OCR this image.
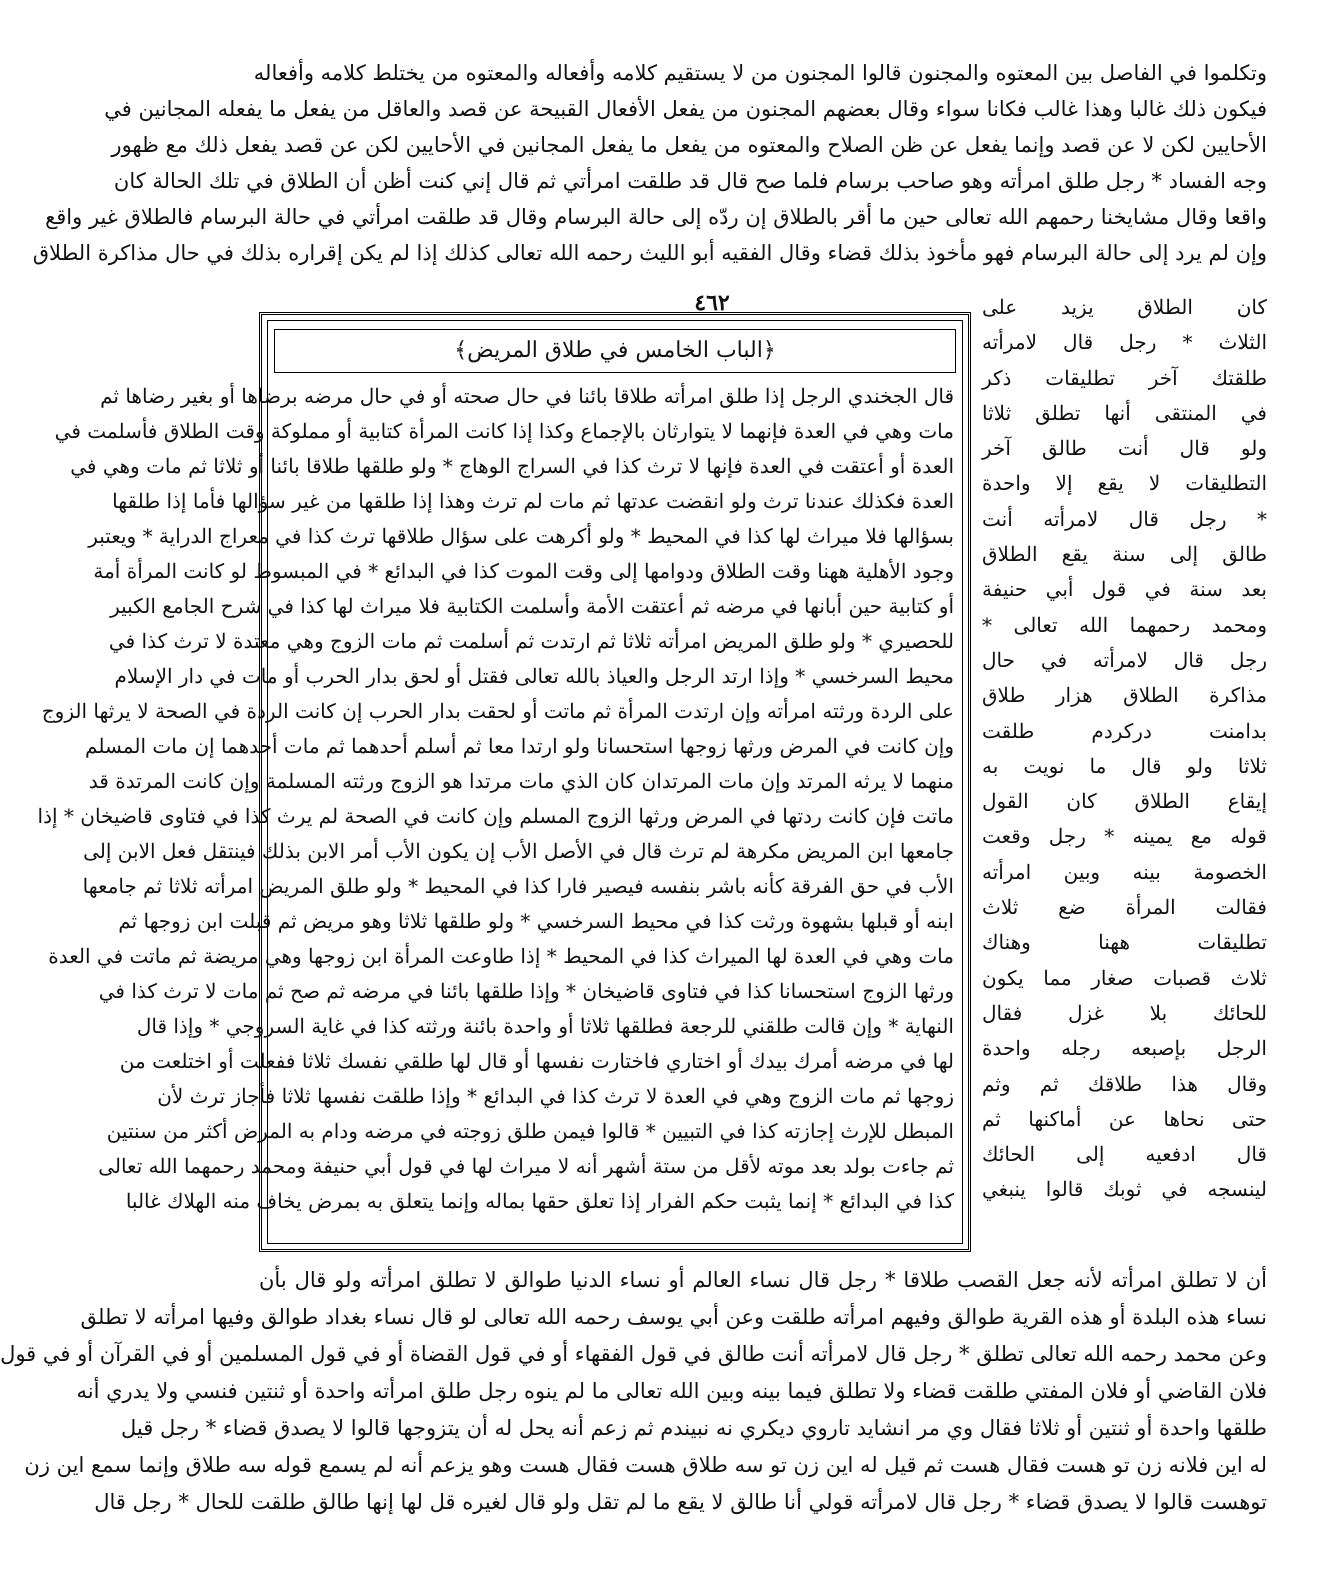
وتكلموا في الفاصل بين المعتوه والمجنون قالوا المجنون من لا يستقيم كلامه وأفعاله والمعتوه من يختلط كلامه وأفعاله
فيكون ذلك غالبا وهذا غالب فكانا سواء وقال بعضهم المجنون من يفعل الأفعال القبيحة عن قصد والعاقل من يفعل ما يفعله المجانين في
الأحايين لكن لا عن قصد وإنما يفعل عن ظن الصلاح والمعتوه من يفعل ما يفعل المجانين في الأحايين لكن عن قصد يفعل ذلك مع ظهور
وجه الفساد * رجل طلق امرأته وهو صاحب برسام فلما صح قال قد طلقت امرأتي ثم قال إني كنت أظن أن الطلاق في تلك الحالة كان
واقعا وقال مشايخنا رحمهم الله تعالى حين ما أقر بالطلاق إن ردّه إلى حالة البرسام وقال قد طلقت امرأتي في حالة البرسام فالطلاق غير واقع
وإن لم يرد إلى حالة البرسام فهو مأخوذ بذلك قضاء وقال الفقيه أبو الليث رحمه الله تعالى كذلك إذا لم يكن إقراره بذلك في حال مذاكرة الطلاق
٤٦٢	كان الطلاق يزيد على
الثلاث * رجل قال لامرأته
طلقتك آخر تطليقات ذكر
في المنتقى أنها تطلق ثلاثا
ولو قال أنت طالق آخر
التطليقات لا يقع إلا واحدة
* رجل قال لامرأته أنت
طالق إلى سنة يقع الطلاق
بعد سنة في قول أبي حنيفة
ومحمد رحمهما الله تعالى *
رجل قال لامرأته في حال
مذاكرة الطلاق هزار طلاق
بدامنت دركردم طلقت
ثلاثا ولو قال ما نويت به
إيقاع الطلاق كان القول
قوله مع يمينه * رجل وقعت
الخصومة بينه وبين امرأته
فقالت المرأة ضع ثلاث
تطليقات ههنا وهناك
ثلاث قصبات صغار مما يكون
للحائك بلا غزل فقال
الرجل بإصبعه رجله واحدة
وقال هذا طلاقك ثم وثم
حتى نحاها عن أماكنها ثم
قال ادفعيه إلى الحائك
لينسجه في ثوبك قالوا ينبغي
﴿الباب الخامس في طلاق المريض﴾
قال الجخندي الرجل إذا طلق امرأته طلاقا بائنا في حال صحته أو في حال مرضه برضاها أو بغير رضاها ثم
مات وهي في العدة فإنهما لا يتوارثان بالإجماع وكذا إذا كانت المرأة كتابية أو مملوكة وقت الطلاق فأسلمت في
العدة أو أعتقت في العدة فإنها لا ترث كذا في السراج الوهاج * ولو طلقها طلاقا بائنا أو ثلاثا ثم مات وهي في
العدة فكذلك عندنا ترث ولو انقضت عدتها ثم مات لم ترث وهذا إذا طلقها من غير سؤالها فأما إذا طلقها
بسؤالها فلا ميراث لها كذا في المحيط * ولو أكرهت على سؤال طلاقها ترث كذا في معراج الدراية * ويعتبر
وجود الأهلية ههنا وقت الطلاق ودوامها إلى وقت الموت كذا في البدائع * في المبسوط لو كانت المرأة أمة
أو كتابية حين أبانها في مرضه ثم أعتقت الأمة وأسلمت الكتابية فلا ميراث لها كذا في شرح الجامع الكبير
للحصيري * ولو طلق المريض امرأته ثلاثا ثم ارتدت ثم أسلمت ثم مات الزوج وهي معتدة لا ترث كذا في
محيط السرخسي * وإذا ارتد الرجل والعياذ بالله تعالى فقتل أو لحق بدار الحرب أو مات في دار الإسلام
على الردة ورثته امرأته وإن ارتدت المرأة ثم ماتت أو لحقت بدار الحرب إن كانت الردة في الصحة لا يرثها الزوج
وإن كانت في المرض ورثها زوجها استحسانا ولو ارتدا معا ثم أسلم أحدهما ثم مات أحدهما إن مات المسلم
منهما لا يرثه المرتد وإن مات المرتدان كان الذي مات مرتدا هو الزوج ورثته المسلمة وإن كانت المرتدة قد
ماتت فإن كانت ردتها في المرض ورثها الزوج المسلم وإن كانت في الصحة لم يرث كذا في فتاوى قاضيخان * إذا
جامعها ابن المريض مكرهة لم ترث قال في الأصل الأب إن يكون الأب أمر الابن بذلك فينتقل فعل الابن إلى
الأب في حق الفرقة كأنه باشر بنفسه فيصير فارا كذا في المحيط * ولو طلق المريض امرأته ثلاثا ثم جامعها
ابنه أو قبلها بشهوة ورثت كذا في محيط السرخسي * ولو طلقها ثلاثا وهو مريض ثم قبلت ابن زوجها ثم
مات وهي في العدة لها الميراث كذا في المحيط * إذا طاوعت المرأة ابن زوجها وهي مريضة ثم ماتت في العدة
ورثها الزوج استحسانا كذا في فتاوى قاضيخان * وإذا طلقها بائنا في مرضه ثم صح ثم مات لا ترث كذا في
النهاية * وإن قالت طلقني للرجعة فطلقها ثلاثا أو واحدة بائنة ورثته كذا في غاية السروجي * وإذا قال
لها في مرضه أمرك بيدك أو اختاري فاختارت نفسها أو قال لها طلقي نفسك ثلاثا ففعلت أو اختلعت من
زوجها ثم مات الزوج وهي في العدة لا ترث كذا في البدائع * وإذا طلقت نفسها ثلاثا فأجاز ترث لأن
المبطل للإرث إجازته كذا في التبيين * قالوا فيمن طلق زوجته في مرضه ودام به المرض أكثر من سنتين
ثم جاءت بولد بعد موته لأقل من ستة أشهر أنه لا ميراث لها في قول أبي حنيفة ومحمد رحمهما الله تعالى
كذا في البدائع * إنما يثبت حكم الفرار إذا تعلق حقها بماله وإنما يتعلق به بمرض يخاف منه الهلاك غالبا
أن لا تطلق امرأته لأنه جعل القصب طلاقا * رجل قال نساء العالم أو نساء الدنيا طوالق لا تطلق امرأته ولو قال بأن
نساء هذه البلدة أو هذه القرية طوالق وفيهم امرأته طلقت وعن أبي يوسف رحمه الله تعالى لو قال نساء بغداد طوالق وفيها امرأته لا تطلق
وعن محمد رحمه الله تعالى تطلق * رجل قال لامرأته أنت طالق في قول الفقهاء أو في قول القضاة أو في قول المسلمين أو في القرآن أو في قول
فلان القاضي أو فلان المفتي طلقت قضاء ولا تطلق فيما بينه وبين الله تعالى ما لم ينوه رجل طلق امرأته واحدة أو ثنتين فنسي ولا يدري أنه
طلقها واحدة أو ثنتين أو ثلاثا فقال وي مر انشايد تاروي ديكري نه نبيندم ثم زعم أنه يحل له أن يتزوجها قالوا لا يصدق قضاء * رجل قيل
له اين فلانه زن تو هست فقال هست ثم قيل له اين زن تو سه طلاق هست فقال هست وهو يزعم أنه لم يسمع قوله سه طلاق وإنما سمع اين زن
توهست قالوا لا يصدق قضاء * رجل قال لامرأته قولي أنا طالق لا يقع ما لم تقل ولو قال لغيره قل لها إنها طالق طلقت للحال * رجل قال
